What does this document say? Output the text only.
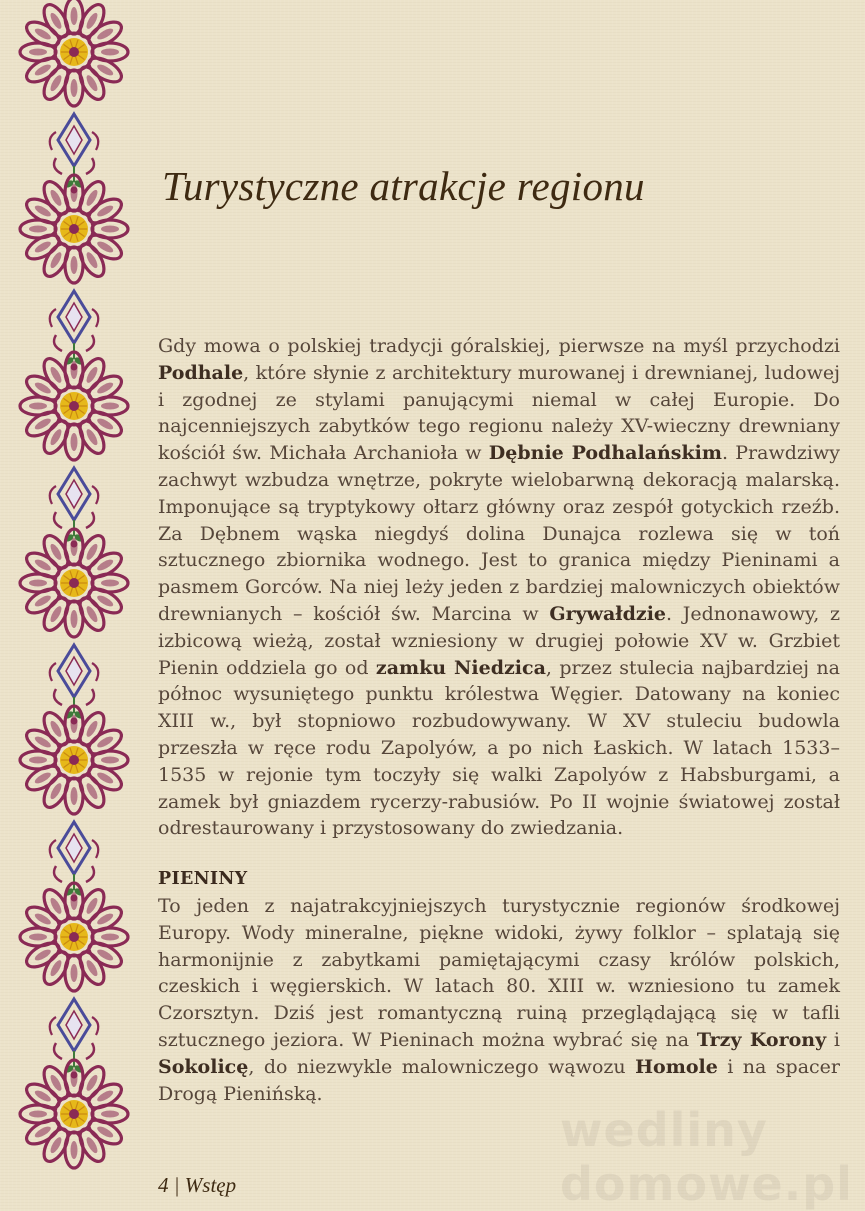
Turystyczne atrakcje regionu

Gdy mowa o polskiej tradycji góralskiej, pierwsze na myśl przychodzi Podhale, które słynie z architektury murowanej i drewnianej, ludowej i zgodnej ze stylami panującymi niemal w całej Europie. Do najcenniejszych zabytków tego regionu należy XV-wieczny drewniany kościół św. Michała Archanioła w Dębnie Podhalańskim. Prawdziwy zachwyt wzbudza wnętrze, pokryte wielobarwną dekoracją malarską. Imponujące są tryptykowy ołtarz główny oraz zespół gotyckich rzeźb. Za Dębnem wąska niegdyś dolina Dunajca rozlewa się w toń sztucznego zbiornika wodnego. Jest to granica między Pieninami a pasmem Gorców. Na niej leży jeden z bardziej malowniczych obiektów drewnianych – kościół św. Marcina w Grywałdzie. Jednonawowy, z izbicową wieżą, został wzniesiony w drugiej połowie XV w. Grzbiet Pienin oddziela go od zamku Niedzica, przez stulecia najbardziej na północ wysuniętego punktu królestwa Węgier. Datowany na koniec XIII w., był stopniowo rozbudowywany. W XV stuleciu budowla przeszła w ręce rodu Zapolyów, a po nich Łaskich. W latach 1533–1535 w rejonie tym toczyły się walki Zapolyów z Habsburgami, a zamek był gniazdem rycerzy-rabusiów. Po II wojnie światowej został odrestaurowany i przystosowany do zwiedzania.

PIENINY

To jeden z najatrakcyjniejszych turystycznie regionów środkowej Europy. Wody mineralne, piękne widoki, żywy folklor – splatają się harmonijnie z zabytkami pamiętającymi czasy królów polskich, czeskich i węgierskich. W latach 80. XIII w. wzniesiono tu zamek Czorsztyn. Dziś jest romantyczną ruiną przeglądającą się w tafli sztucznego jeziora. W Pieninach można wybrać się na Trzy Korony i Sokolicę, do niezwykle malowniczego wąwozu Homole i na spacer Drogą Pienińską.

wedliny domowe.pl
4 | Wstęp
